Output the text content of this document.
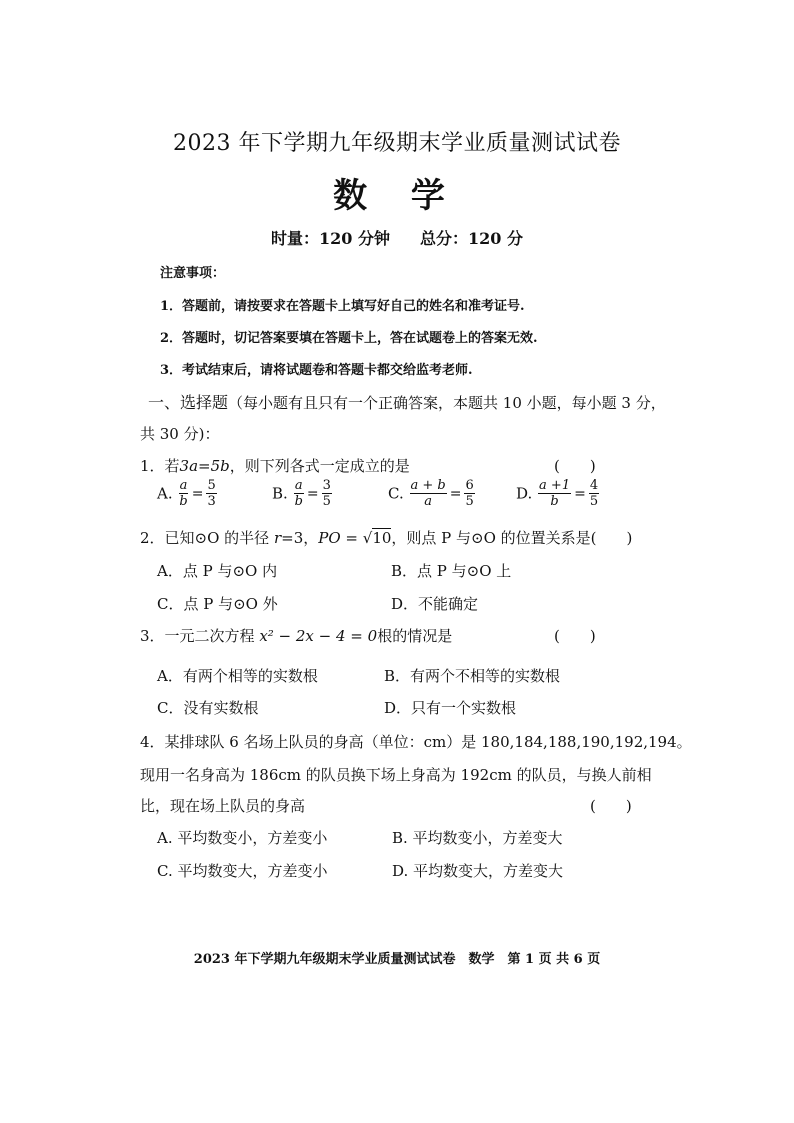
2023 年下学期九年级期末学业质量测试试卷
数 学
时量：120 分钟 总分：120 分
注意事项：
1．答题前，请按要求在答题卡上填写好自己的姓名和准考证号.
2．答题时，切记答案要填在答题卡上，答在试题卷上的答案无效.
3．考试结束后，请将试题卷和答题卡都交给监考老师.
一、选择题（每小题有且只有一个正确答案，本题共 10 小题，每小题 3 分，
共 30 分)：
1．若3a=5b，则下列各式一定成立的是	(　　)
A. $\frac{a}{b} = \frac{5}{3}$	B. $\frac{a}{b} = \frac{3}{5}$	C. $\frac{a + b}{a} = \frac{6}{5}$	D. $\frac{a +1}{b} = \frac{4}{5}$
2．已知⊙O 的半径 r=3，PO = √10，则点 P 与⊙O 的位置关系是(　　)
A．点 P 与⊙O 内	B．点 P 与⊙O 上
C．点 P 与⊙O 外	D．不能确定
3．一元二次方程 x² − 2x − 4 = 0根的情况是	(　　)
A．有两个相等的实数根	B．有两个不相等的实数根
C．没有实数根	D．只有一个实数根
4．某排球队 6 名场上队员的身高（单位：cm）是 180,184,188,190,192,194。
现用一名身高为 186cm 的队员换下场上身高为 192cm 的队员，与换人前相
比，现在场上队员的身高	(　　)
A. 平均数变小，方差变小	B. 平均数变小，方差变大
C. 平均数变大，方差变小	D. 平均数变大，方差变大
2023 年下学期九年级期末学业质量测试试卷　数学　第 1 页 共 6 页
